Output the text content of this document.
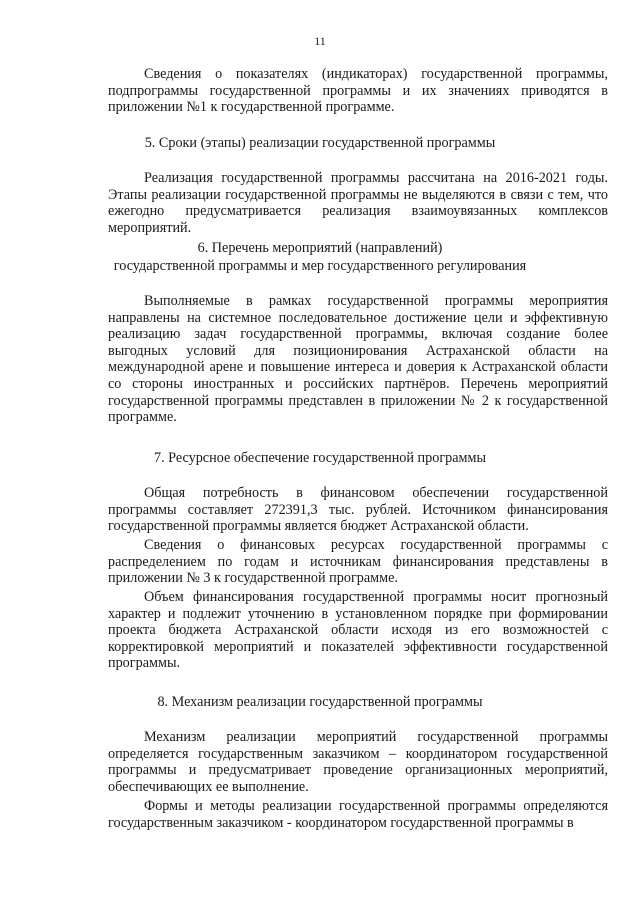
11

Сведения о показателях (индикаторах) государственной программы, подпрограммы государственной программы и их значениях приводятся в приложении №1 к государственной программе.

5. Сроки (этапы) реализации государственной программы

Реализация государственной программы рассчитана на 2016-2021 годы. Этапы реализации государственной программы не выделяются в связи с тем, что ежегодно предусматривается реализация взаимоувязанных комплексов мероприятий.

6. Перечень мероприятий (направлений)

государственной программы и мер государственного регулирования

Выполняемые в рамках государственной программы мероприятия направлены на системное последовательное достижение цели и эффективную реализацию задач государственной программы, включая создание более выгодных условий для позиционирования Астраханской области на международной арене и повышение интереса и доверия к Астраханской области со стороны иностранных и российских партнёров. Перечень мероприятий государственной программы представлен в приложении № 2 к государственной программе.

7. Ресурсное обеспечение государственной программы

Общая потребность в финансовом обеспечении государственной программы составляет 272391,3 тыс. рублей. Источником финансирования государственной программы является бюджет Астраханской области.

Сведения о финансовых ресурсах государственной программы с распределением по годам и источникам финансирования представлены в приложении № 3 к государственной программе.

Объем финансирования государственной программы носит прогнозный характер и подлежит уточнению в установленном порядке при формировании проекта бюджета Астраханской области исходя из его возможностей с корректировкой мероприятий и показателей эффективности государственной программы.

8. Механизм реализации государственной программы

Механизм реализации мероприятий государственной программы определяется государственным заказчиком – координатором государственной программы и предусматривает проведение организационных мероприятий, обеспечивающих ее выполнение.

Формы и методы реализации государственной программы определяются государственным заказчиком - координатором государственной программы в
